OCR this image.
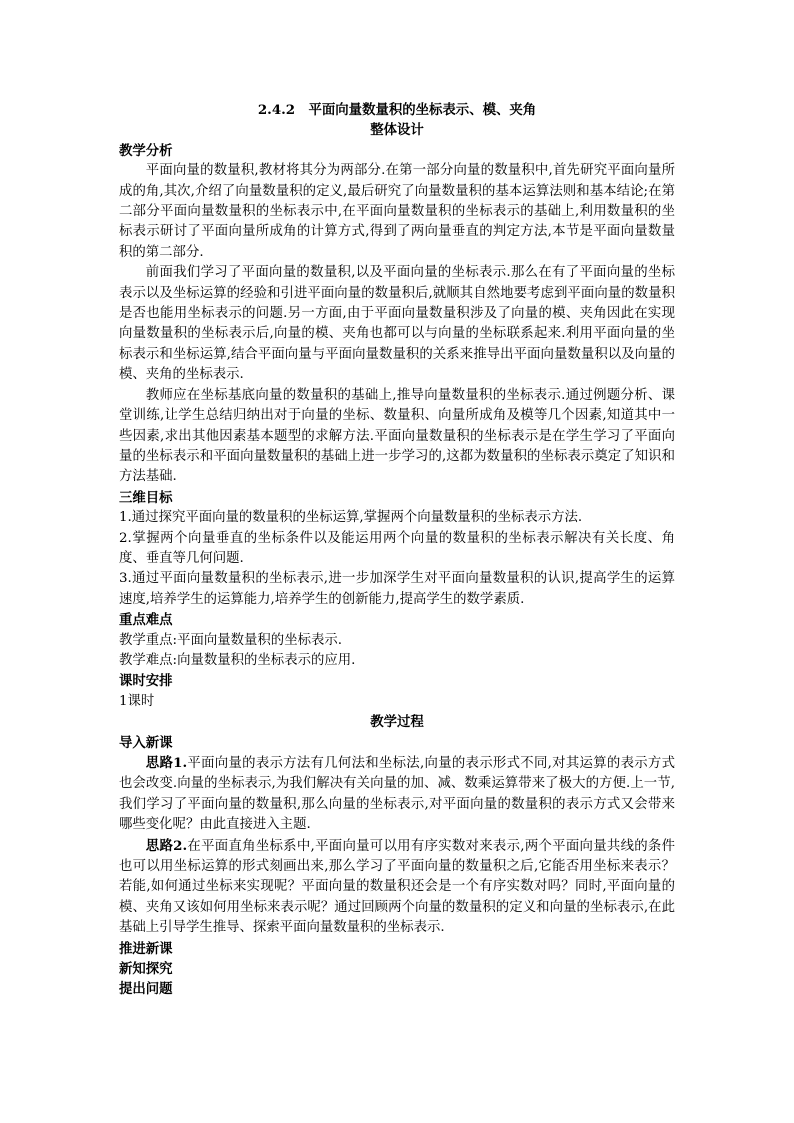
2.4.2　平面向量数量积的坐标表示、模、夹角

整体设计

教学分析

平面向量的数量积,教材将其分为两部分.在第一部分向量的数量积中,首先研究平面向量所成的角,其次,介绍了向量数量积的定义,最后研究了向量数量积的基本运算法则和基本结论;在第二部分平面向量数量积的坐标表示中,在平面向量数量积的坐标表示的基础上,利用数量积的坐标表示研讨了平面向量所成角的计算方式,得到了两向量垂直的判定方法,本节是平面向量数量积的第二部分.

前面我们学习了平面向量的数量积,以及平面向量的坐标表示.那么在有了平面向量的坐标表示以及坐标运算的经验和引进平面向量的数量积后,就顺其自然地要考虑到平面向量的数量积是否也能用坐标表示的问题.另一方面,由于平面向量数量积涉及了向量的模、夹角因此在实现向量数量积的坐标表示后,向量的模、夹角也都可以与向量的坐标联系起来.利用平面向量的坐标表示和坐标运算,结合平面向量与平面向量数量积的关系来推导出平面向量数量积以及向量的模、夹角的坐标表示.

教师应在坐标基底向量的数量积的基础上,推导向量数量积的坐标表示.通过例题分析、课堂训练,让学生总结归纳出对于向量的坐标、数量积、向量所成角及模等几个因素,知道其中一些因素,求出其他因素基本题型的求解方法.平面向量数量积的坐标表示是在学生学习了平面向量的坐标表示和平面向量数量积的基础上进一步学习的,这都为数量积的坐标表示奠定了知识和方法基础.

三维目标

1.通过探究平面向量的数量积的坐标运算,掌握两个向量数量积的坐标表示方法.

2.掌握两个向量垂直的坐标条件以及能运用两个向量的数量积的坐标表示解决有关长度、角度、垂直等几何问题.

3.通过平面向量数量积的坐标表示,进一步加深学生对平面向量数量积的认识,提高学生的运算速度,培养学生的运算能力,培养学生的创新能力,提高学生的数学素质.

重点难点

教学重点:平面向量数量积的坐标表示.

教学难点:向量数量积的坐标表示的应用.

课时安排

1课时

教学过程

导入新课

思路1.平面向量的表示方法有几何法和坐标法,向量的表示形式不同,对其运算的表示方式也会改变.向量的坐标表示,为我们解决有关向量的加、减、数乘运算带来了极大的方便.上一节,我们学习了平面向量的数量积,那么向量的坐标表示,对平面向量的数量积的表示方式又会带来哪些变化呢？由此直接进入主题.

思路2.在平面直角坐标系中,平面向量可以用有序实数对来表示,两个平面向量共线的条件也可以用坐标运算的形式刻画出来,那么学习了平面向量的数量积之后,它能否用坐标来表示？若能,如何通过坐标来实现呢？平面向量的数量积还会是一个有序实数对吗？同时,平面向量的模、夹角又该如何用坐标来表示呢？通过回顾两个向量的数量积的定义和向量的坐标表示,在此基础上引导学生推导、探索平面向量数量积的坐标表示.

推进新课

新知探究

提出问题
